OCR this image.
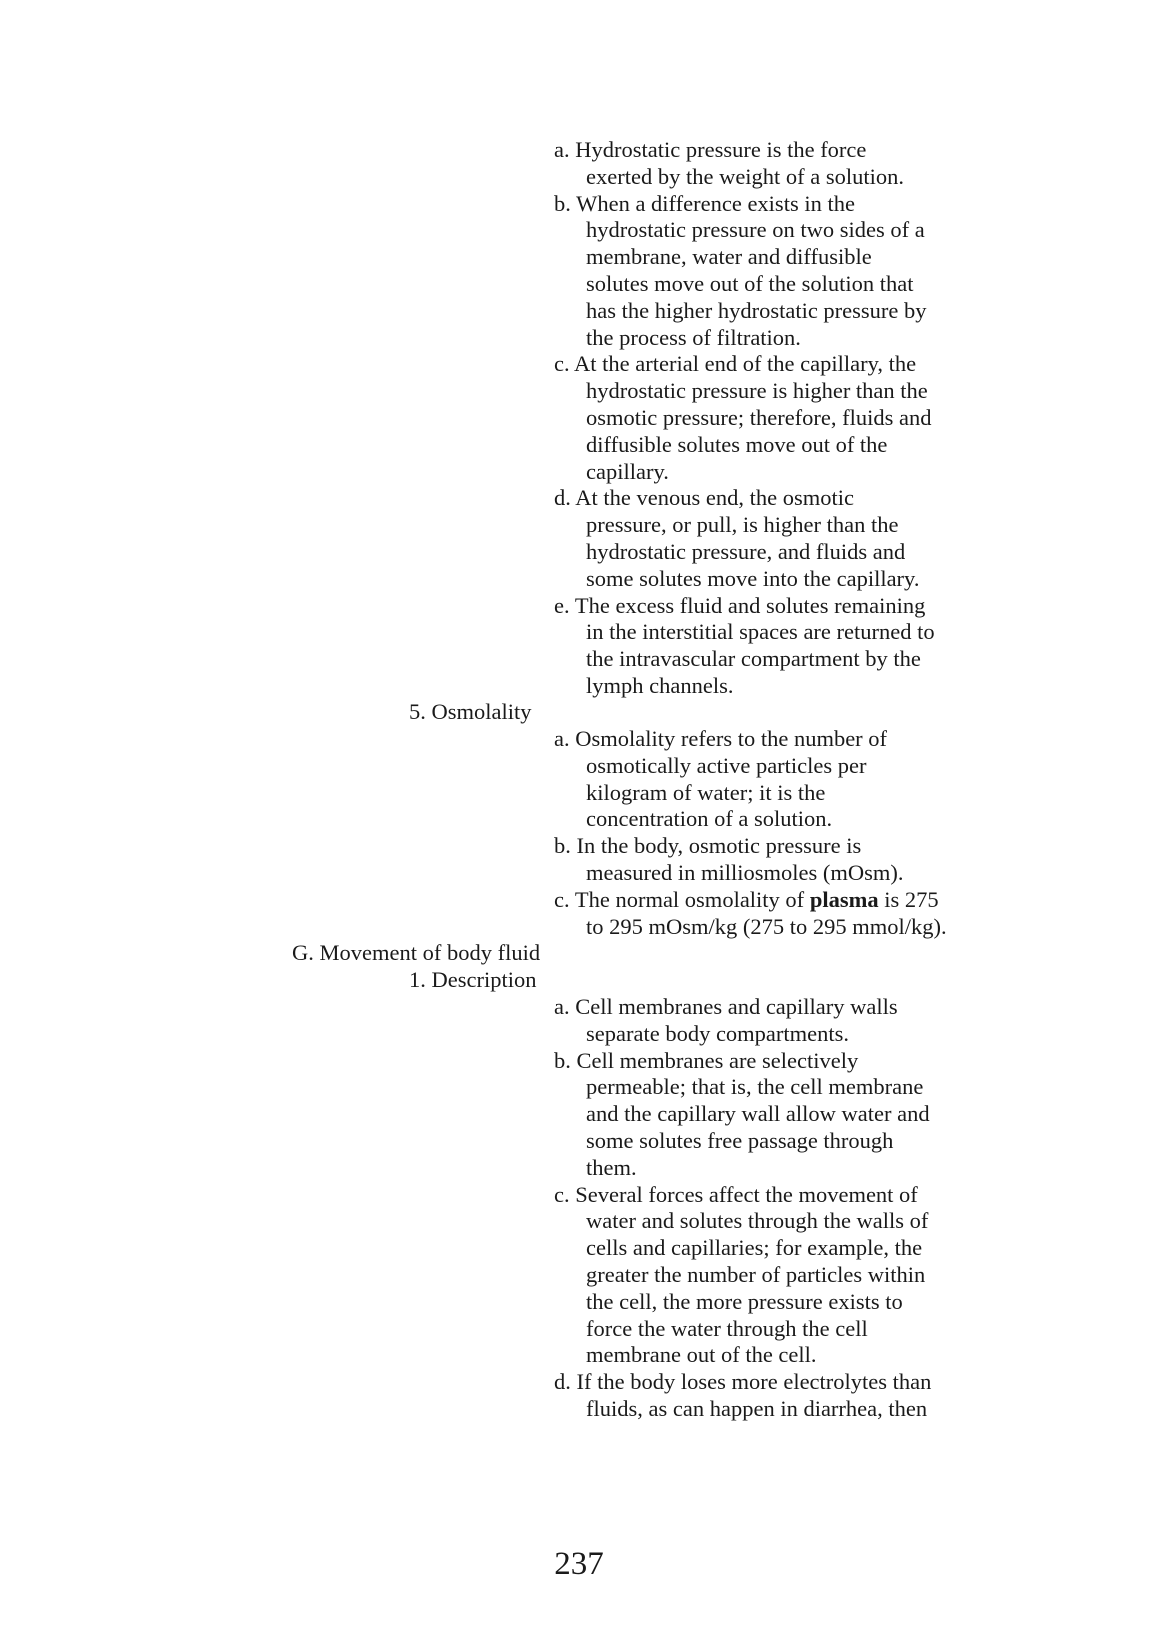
a. Hydrostatic pressure is the force
exerted by the weight of a solution.
b. When a difference exists in the
hydrostatic pressure on two sides of a
membrane, water and diffusible
solutes move out of the solution that
has the higher hydrostatic pressure by
the process of filtration.
c. At the arterial end of the capillary, the
hydrostatic pressure is higher than the
osmotic pressure; therefore, fluids and
diffusible solutes move out of the
capillary.
d. At the venous end, the osmotic
pressure, or pull, is higher than the
hydrostatic pressure, and fluids and
some solutes move into the capillary.
e. The excess fluid and solutes remaining
in the interstitial spaces are returned to
the intravascular compartment by the
lymph channels.
5. Osmolality
a. Osmolality refers to the number of
osmotically active particles per
kilogram of water; it is the
concentration of a solution.
b. In the body, osmotic pressure is
measured in milliosmoles (mOsm).
c. The normal osmolality of plasma is 275
to 295 mOsm/kg (275 to 295 mmol/kg).
G. Movement of body fluid
1. Description
a. Cell membranes and capillary walls
separate body compartments.
b. Cell membranes are selectively
permeable; that is, the cell membrane
and the capillary wall allow water and
some solutes free passage through
them.
c. Several forces affect the movement of
water and solutes through the walls of
cells and capillaries; for example, the
greater the number of particles within
the cell, the more pressure exists to
force the water through the cell
membrane out of the cell.
d. If the body loses more electrolytes than
fluids, as can happen in diarrhea, then
237
